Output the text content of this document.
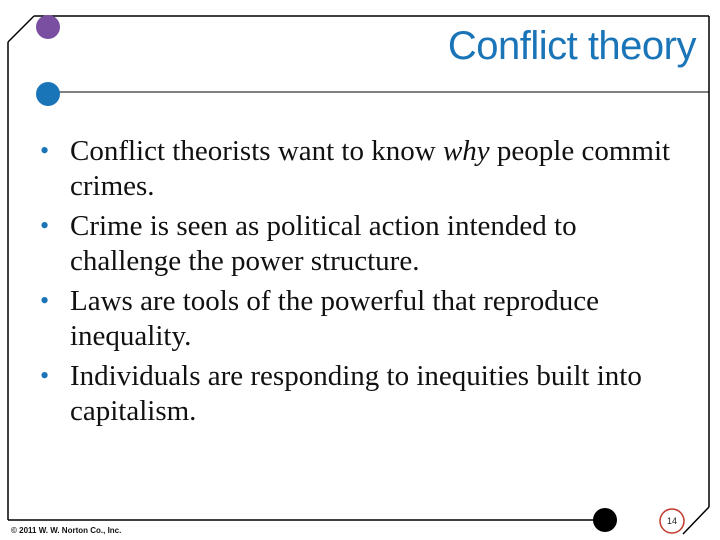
Conflict theory
• Conflict theorists want to know why people commit crimes.
• Crime is seen as political action intended to challenge the power structure.
• Laws are tools of the powerful that reproduce inequality.
• Individuals are responding to inequities built into capitalism.
© 2011 W. W. Norton Co., Inc.
14
